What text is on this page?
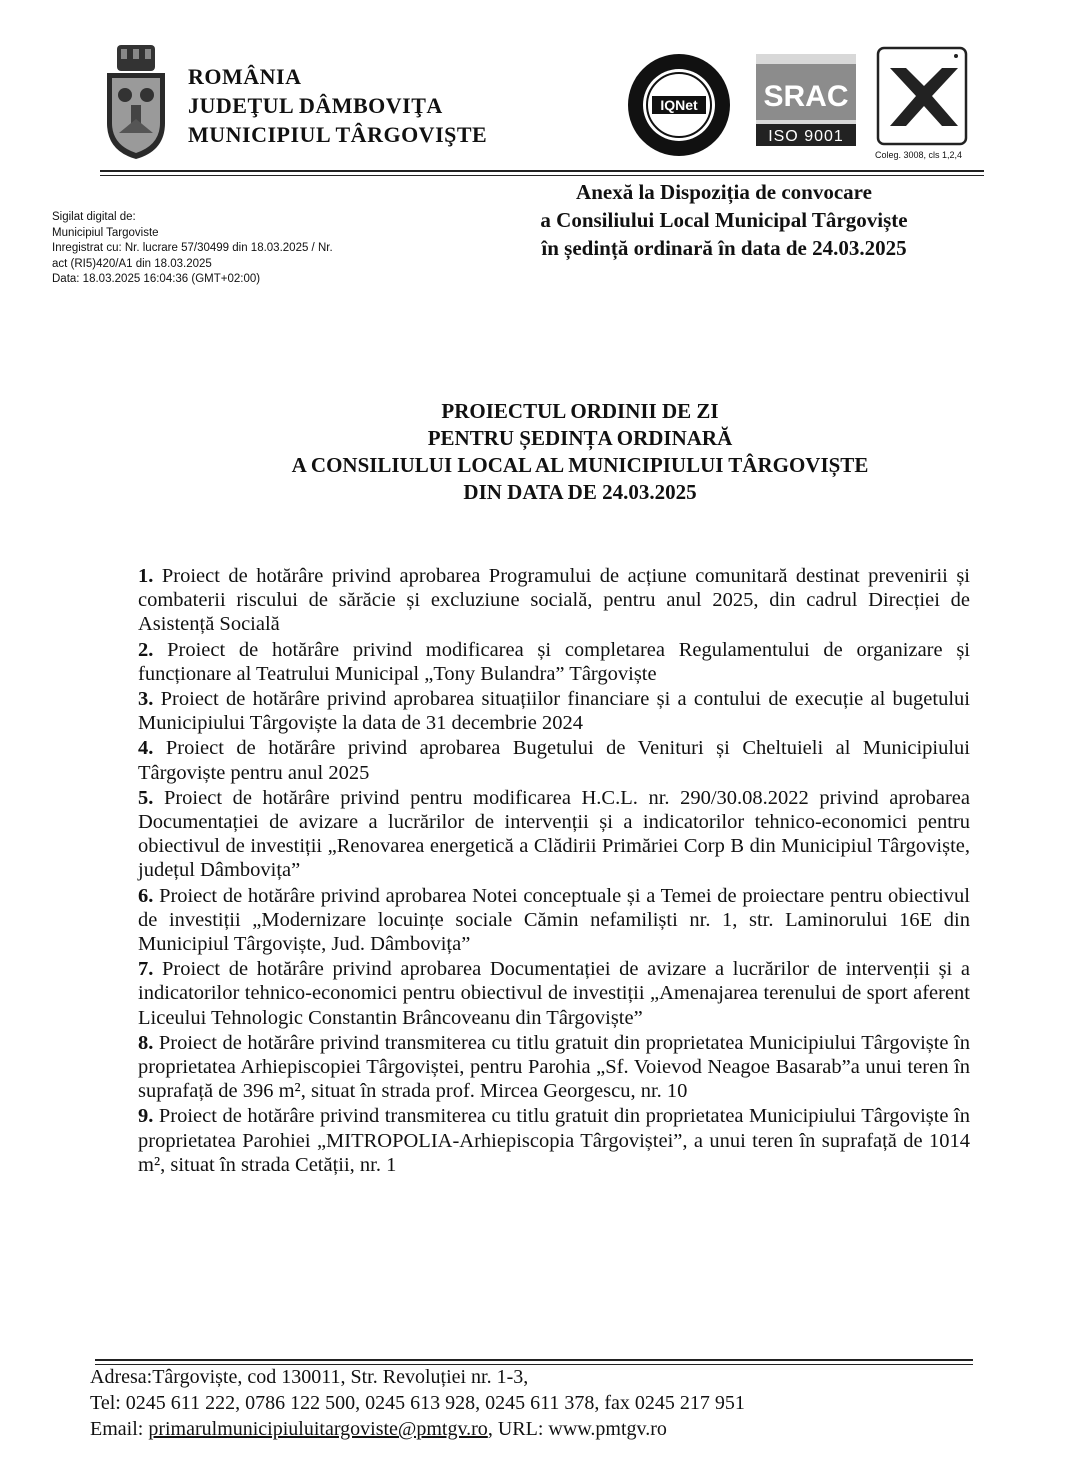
ROMÂNIA
JUDEŢUL DÂMBOVIŢA
MUNICIPIUL TÂRGOVIŞTE
IQNet SRAC
ISO 9001
Coleg. 3008, cls 1,2,4
Anexă la Dispoziția de convocare
a Consiliului Local Municipal Târgoviște
în ședință ordinară în data de 24.03.2025
Sigilat digital de:
Municipiul Targoviste
Inregistrat cu: Nr. lucrare 57/30499 din 18.03.2025 / Nr.
act (RI5)420/A1 din 18.03.2025
Data: 18.03.2025 16:04:36 (GMT+02:00)
PROIECTUL ORDINII DE ZI
PENTRU ȘEDINȚA ORDINARĂ
A CONSILIULUI LOCAL AL MUNICIPIULUI TÂRGOVIȘTE
DIN DATA DE 24.03.2025
1. Proiect de hotărâre privind aprobarea Programului de acțiune comunitară destinat prevenirii și combaterii riscului de sărăcie și excluziune socială, pentru anul 2025, din cadrul Direcției de Asistență Socială
2. Proiect de hotărâre privind modificarea și completarea Regulamentului de organizare și funcționare al Teatrului Municipal „Tony Bulandra” Târgoviște
3. Proiect de hotărâre privind aprobarea situațiilor financiare și a contului de execuție al bugetului Municipiului Târgoviște la data de 31 decembrie 2024
4. Proiect de hotărâre privind aprobarea Bugetului de Venituri și Cheltuieli al Municipiului Târgoviște pentru anul 2025
5. Proiect de hotărâre privind pentru modificarea H.C.L. nr. 290/30.08.2022 privind aprobarea Documentației de avizare a lucrărilor de intervenții și a indicatorilor tehnico-economici pentru obiectivul de investiții „Renovarea energetică a Clădirii Primăriei Corp B din Municipiul Târgoviște, județul Dâmbovița”
6. Proiect de hotărâre privind aprobarea Notei conceptuale și a Temei de proiectare pentru obiectivul de investiții „Modernizare locuințe sociale Cămin nefamiliști nr. 1, str. Laminorului 16E din Municipiul Târgoviște, Jud. Dâmbovița”
7. Proiect de hotărâre privind aprobarea Documentației de avizare a lucrărilor de intervenții și a indicatorilor tehnico-economici pentru obiectivul de investiții „Amenajarea terenului de sport aferent Liceului Tehnologic Constantin Brâncoveanu din Târgoviște”
8. Proiect de hotărâre privind transmiterea cu titlu gratuit din proprietatea Municipiului Târgoviște în proprietatea Arhiepiscopiei Târgoviștei, pentru Parohia „Sf. Voievod Neagoe Basarab”a unui teren în suprafață de 396 m², situat în strada prof. Mircea Georgescu, nr. 10
9. Proiect de hotărâre privind transmiterea cu titlu gratuit din proprietatea Municipiului Târgoviște în proprietatea Parohiei „MITROPOLIA-Arhiepiscopia Târgoviștei”, a unui teren în suprafață de 1014 m², situat în strada Cetății, nr. 1
Adresa:Târgoviște, cod 130011, Str. Revoluției nr. 1-3,
Tel: 0245 611 222, 0786 122 500, 0245 613 928, 0245 611 378, fax 0245 217 951
Email: primarulmunicipiuluitargoviste@pmtgv.ro, URL: www.pmtgv.ro
